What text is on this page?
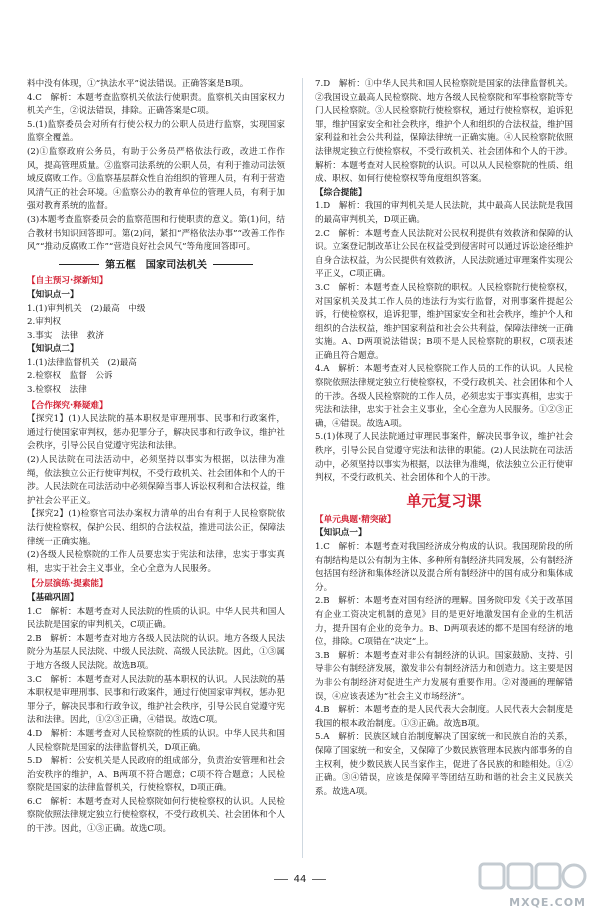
料中没有体现，①“执法水平”说法错误。正确答案是B项。

4.C　解析：本题考查监察机关依法行使职责。监察机关由国家权力机关产生，②说法错误，排除。正确答案是C项。

5.(1)监察委员会对所有行使公权力的公职人员进行监察，实现国家监察全覆盖。

(2)①监察政府公务员，有助于公务员严格依法行政，改进工作作风，提高管理质量。②监察司法系统的公职人员，有利于推动司法领域反腐败工作。③监察基层群众性自治组织的管理人员，有利于营造风清气正的社会环境。④监察公办的教育单位的管理人员，有利于加强对教育系统的监督。

(3)本题考查监察委员会的监察范围和行使职责的意义。第(1)问，结合教材书知识回答即可。第(2)问，紧扣“严格依法办事”“改善工作作风”“推动反腐败工作”“营造良好社会风气”等角度回答即可。

第五框　国家司法机关
【自主预习·探新知】
【知识点一】

1.(1)审判机关　(2)最高　中级

2.审判权

3.事实　法律　救济

【知识点二】

1.(1)法律监督机关　(2)最高

2.检察权　监督　公诉

3.检察权　法律

【合作探究·释疑难】

【探究1】(1)人民法院的基本职权是审理刑事、民事和行政案件，通过行使国家审判权，惩办犯罪分子，解决民事和行政争议，维护社会秩序，引导公民自觉遵守宪法和法律。

(2)人民法院在司法活动中，必须坚持以事实为根据，以法律为准绳，依法独立公正行使审判权，不受行政机关、社会团体和个人的干涉。人民法院在司法活动中必须保障当事人诉讼权利和合法权益，维护社会公平正义。

【探究2】(1)检察官司法办案权力清单的出台有利于人民检察院依法行使检察权，保护公民、组织的合法权益，推进司法公正，保障法律统一正确实施。

(2)各级人民检察院的工作人员要忠实于宪法和法律，忠实于事实真相，忠实于社会主义事业，全心全意为人民服务。

【分层演练·提素能】
【基础巩固】

1.C　解析：本题考查对人民法院的性质的认识。中华人民共和国人民法院是国家的审判机关，C项正确。

2.B　解析：本题考查对地方各级人民法院的认识。地方各级人民法院分为基层人民法院、中级人民法院、高级人民法院。因此，①③属于地方各级人民法院。故选B项。

3.C　解析：本题考查对人民法院的基本职权的认识。人民法院的基本职权是审理刑事、民事和行政案件，通过行使国家审判权，惩办犯罪分子，解决民事和行政争议，维护社会秩序，引导公民自觉遵守宪法和法律。因此，①②③正确，④错误。故选C项。

4.D　解析：本题考查对人民检察院的性质的认识。中华人民共和国人民检察院是国家的法律监督机关，D项正确。

5.D　解析：公安机关是人民政府的组成部分，负责治安管理和社会治安秩序的维护，A、B两项不符合题意；C项不符合题意；人民检察院是国家的法律监督机关，行使检察权，D项正确。

6.C　解析：本题考查对人民检察院如何行使检察权的认识。人民检察院依照法律规定独立行使检察权，不受行政机关、社会团体和个人的干涉。因此，①③正确。故选C项。

7.D　解析：①中华人民共和国人民检察院是国家的法律监督机关。②我国设立最高人民检察院、地方各级人民检察院和军事检察院等专门人民检察院。③人民检察院行使检察权，通过行使检察权，追诉犯罪，维护国家安全和社会秩序，维护个人和组织的合法权益，维护国家利益和社会公共利益，保障法律统一正确实施。④人民检察院依照法律规定独立行使检察权，不受行政机关、社会团体和个人的干涉。

解析：本题考查对人民检察院的认识。可以从人民检察院的性质、组成、职权、如何行使检察权等角度组织答案。

【综合提能】

1.D　解析：我国的审判机关是人民法院，其中最高人民法院是我国的最高审判机关，D项正确。

2.C　解析：本题考查人民法院对公民权利提供有效救济和保障的认识。立案登记制改革让公民在权益受到侵害时可以通过诉讼途径维护自身合法权益，为公民提供有效救济，人民法院通过审理案件实现公平正义，C项正确。

3.C　解析：本题考查人民检察院的职权。人民检察院行使检察权，对国家机关及其工作人员的违法行为实行监督，对刑事案件提起公诉，行使检察权，追诉犯罪，维护国家安全和社会秩序，维护个人和组织的合法权益，维护国家利益和社会公共利益，保障法律统一正确实施。A、D两项说法错误；B项不是人民检察院的职权，C项表述正确且符合题意。

4.A　解析：本题考查对人民检察院工作人员的工作的认识。人民检察院依照法律规定独立行使检察权，不受行政机关、社会团体和个人的干涉。各级人民检察院的工作人员，必须忠实于事实真相，忠实于宪法和法律，忠实于社会主义事业，全心全意为人民服务。①②③正确，④错误。故选A项。

5.(1)体现了人民法院通过审理民事案件，解决民事争议，维护社会秩序，引导公民自觉遵守宪法和法律的职能。(2)人民法院在司法活动中，必须坚持以事实为根据，以法律为准绳，依法独立公正行使审判权，不受行政机关、社会团体和个人的干涉。

单元复习课
【单元典题·精突破】
【知识点一】

1.C　解析：本题考查对我国经济成分构成的认识。我国现阶段的所有制结构是以公有制为主体、多种所有制经济共同发展，公有制经济包括国有经济和集体经济以及混合所有制经济中的国有成分和集体成分。

2.B　解析：本题考查对国有经济的理解。国务院印发《关于改革国有企业工资决定机制的意见》目的是更好地激发国有企业的生机活力，提升国有企业的竞争力。B、D两项表述的都不是国有经济的地位，排除。C项错在“决定”上。

3.B　解析：本题考查对非公有制经济的认识。国家鼓励、支持、引导非公有制经济发展，激发非公有制经济活力和创造力。这主要是因为非公有制经济对促进生产力发展有重要作用。②对漫画的理解错误，④应该表述为“社会主义市场经济”。

4.B　解析：本题考查的是人民代表大会制度。人民代表大会制度是我国的根本政治制度。①③正确。故选B项。

5.A　解析：民族区域自治制度解决了国家统一和民族自治的关系，保障了国家统一和安全，又保障了少数民族管理本民族内部事务的自主权利，使少数民族人民当家作主，促进了各民族的和睦相处。①②正确。③④错误，应该是保障平等团结互助和谐的社会主义民族关系。故选A项。

44
MXQE.COM
